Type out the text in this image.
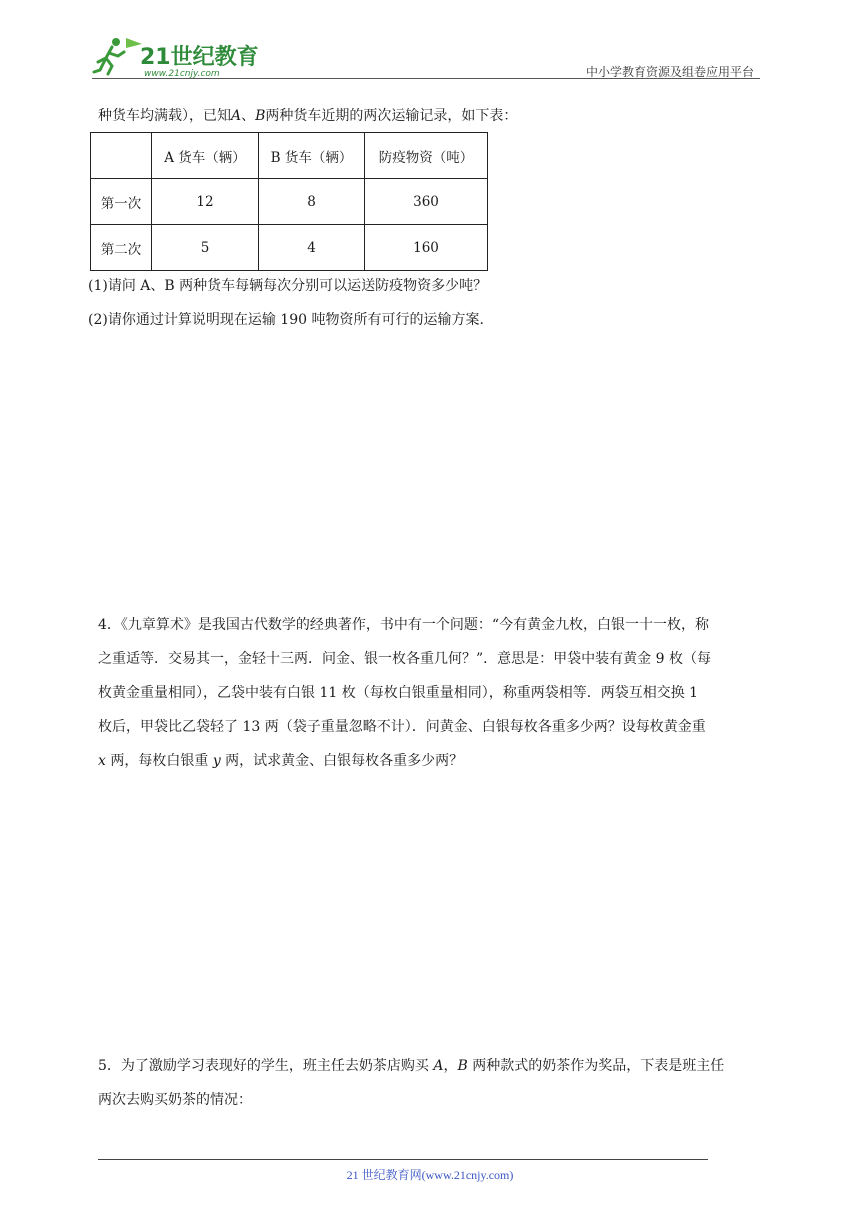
21世纪教育
www.21cnjy.com	中小学教育资源及组卷应用平台
种货车均满载），已知A、B两种货车近期的两次运输记录，如下表：
	A 货车（辆）	B 货车（辆）	防疫物资（吨）
第一次	12	8	360
第二次	5	4	160
(1)请问 A、B 两种货车每辆每次分别可以运送防疫物资多少吨？
(2)请你通过计算说明现在运输 190 吨物资所有可行的运输方案.
4．《九章算术》是我国古代数学的经典著作，书中有一个问题：“今有黄金九枚，白银一十一枚，称
之重适等．交易其一，金轻十三两．问金、银一枚各重几何？”．意思是：甲袋中装有黄金 9 枚（每
枚黄金重量相同），乙袋中装有白银 11 枚（每枚白银重量相同），称重两袋相等．两袋互相交换 1
枚后，甲袋比乙袋轻了 13 两（袋子重量忽略不计）．问黄金、白银每枚各重多少两？设每枚黄金重
x 两，每枚白银重 y 两，试求黄金、白银每枚各重多少两？
5．为了激励学习表现好的学生，班主任去奶茶店购买 A，B 两种款式的奶茶作为奖品，下表是班主任
两次去购买奶茶的情况：
21 世纪教育网(www.21cnjy.com)
